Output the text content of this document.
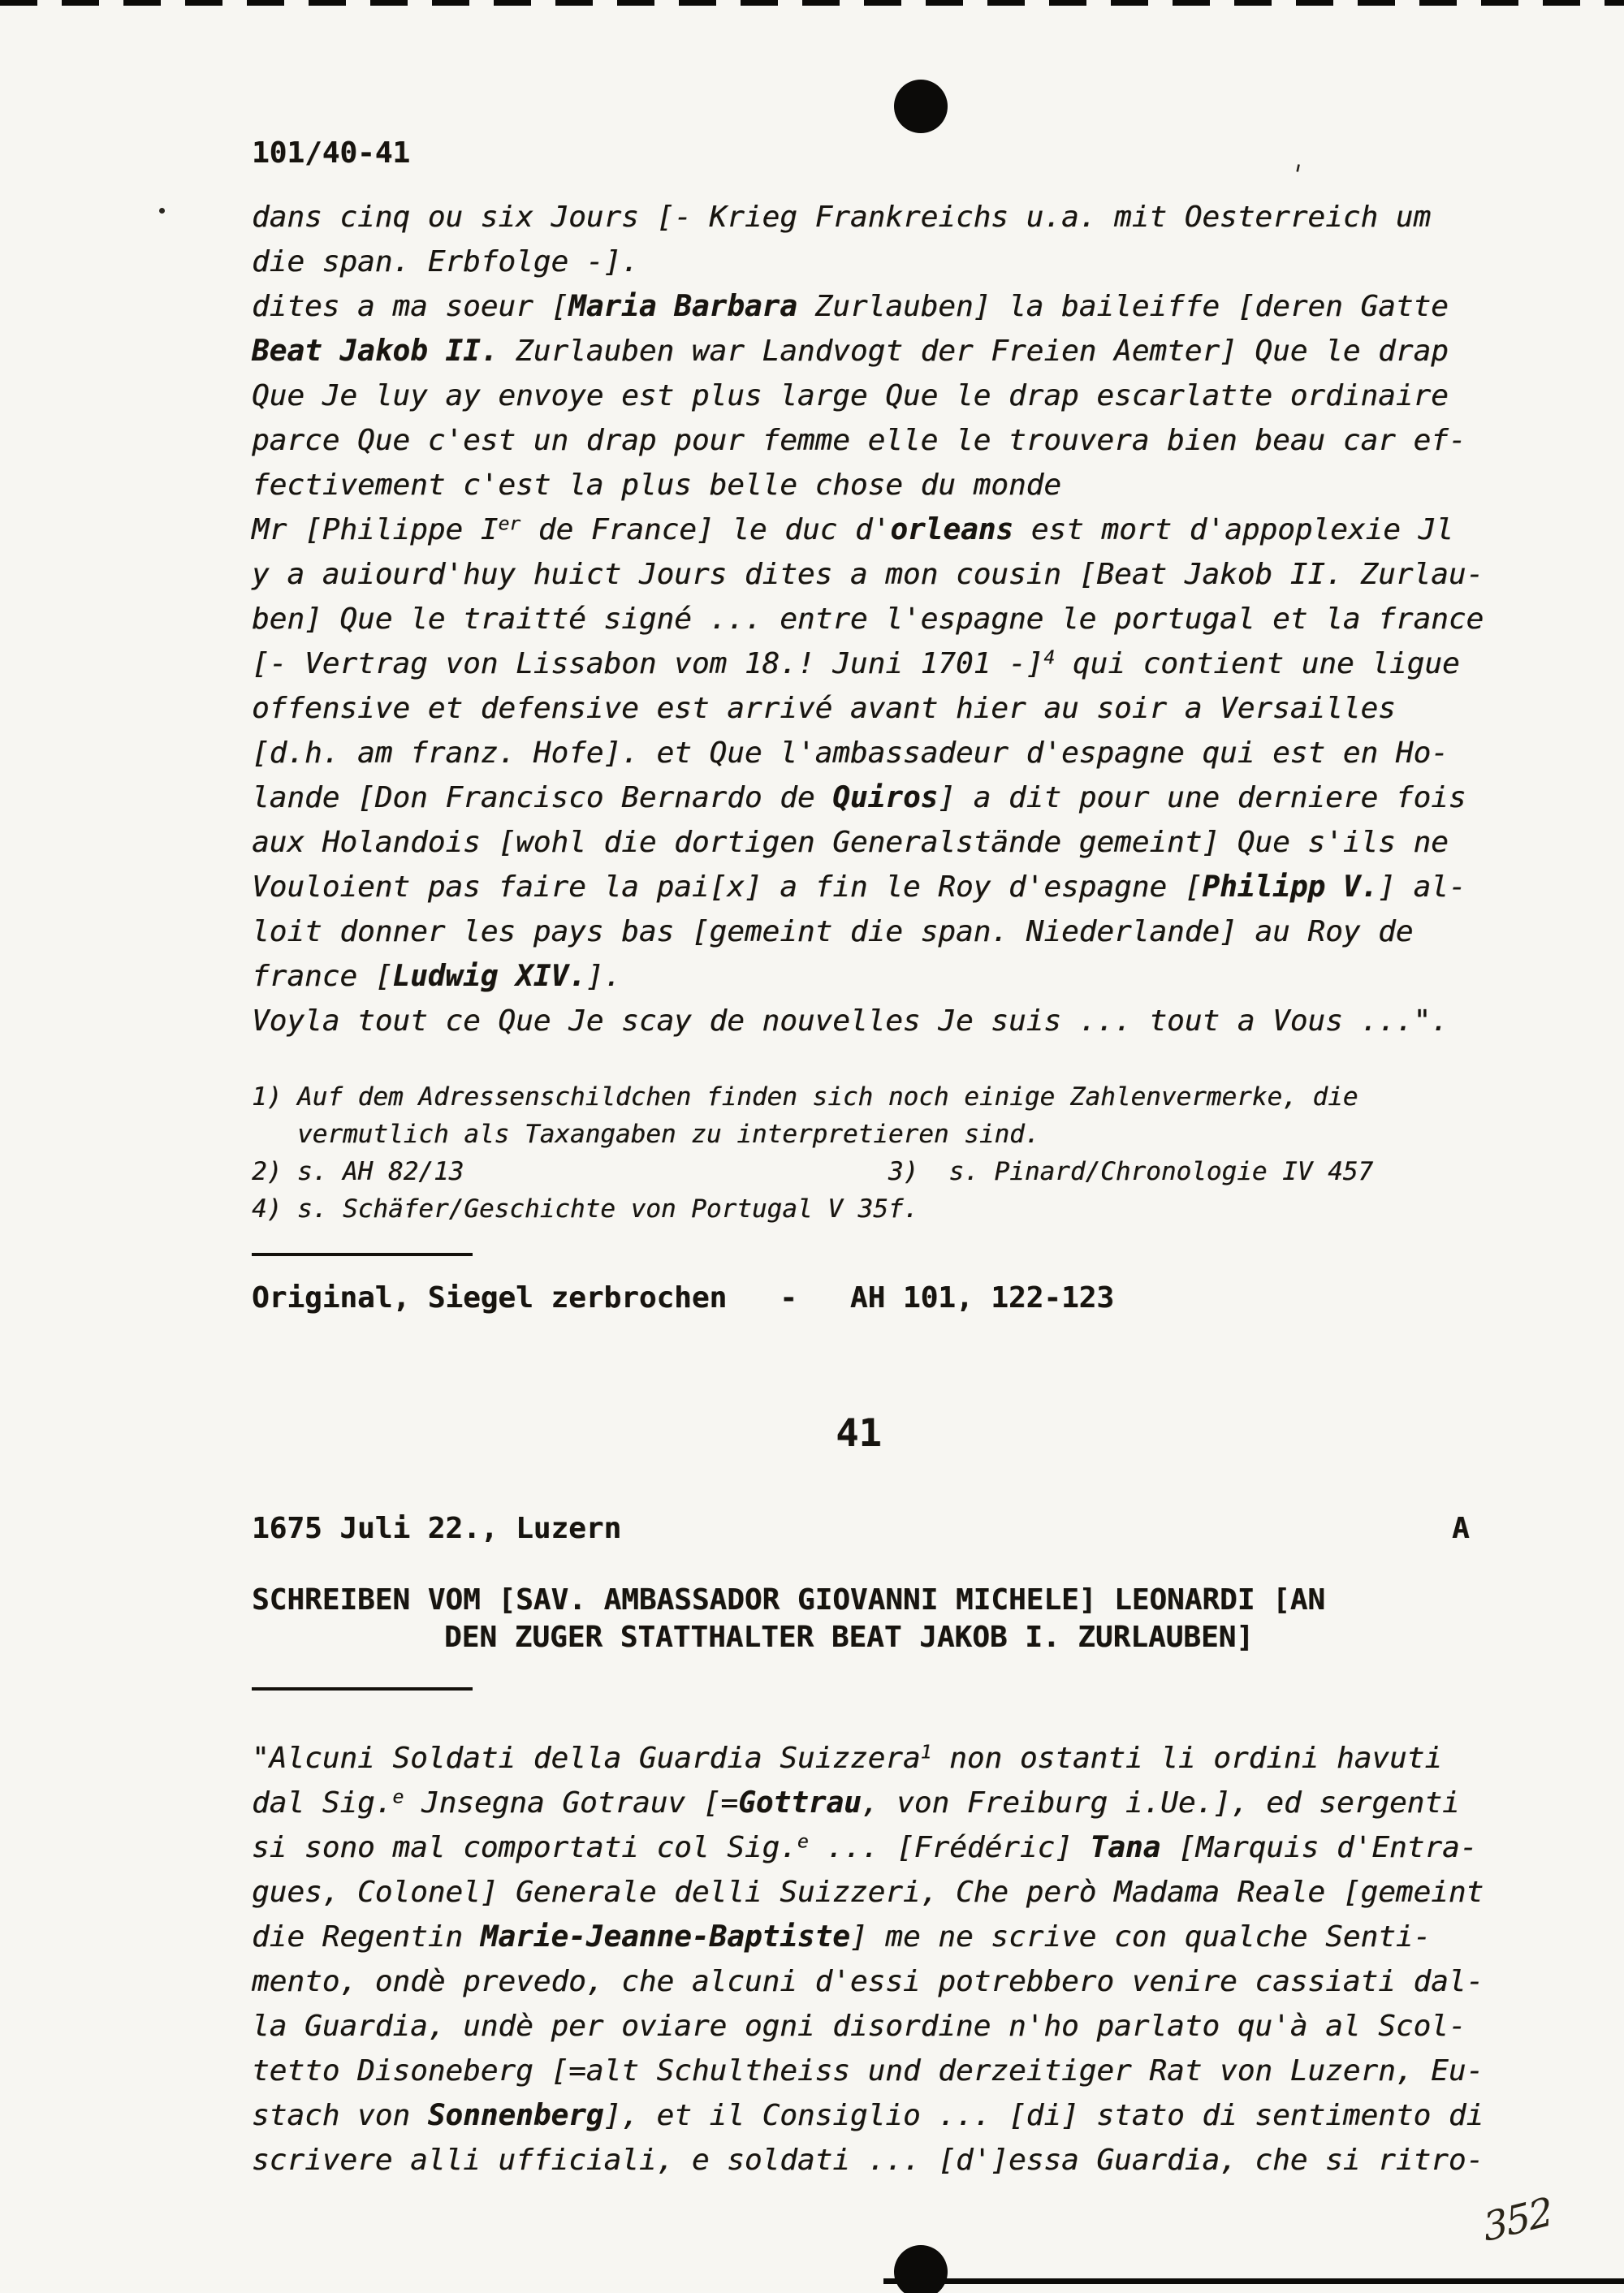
101/40-41
'
dans cinq ou six Jours [- Krieg Frankreichs u.a. mit Oesterreich um
die span. Erbfolge -].
dites a ma soeur [Maria Barbara Zurlauben] la baileiffe [deren Gatte
Beat Jakob II. Zurlauben war Landvogt der Freien Aemter] Que le drap
Que Je luy ay envoye est plus large Que le drap escarlatte ordinaire
parce Que c'est un drap pour femme elle le trouvera bien beau car ef-
fectivement c'est la plus belle chose du monde
Mr [Philippe Ier de France] le duc d'orleans est mort d'appoplexie Jl
y a auiourd'huy huict Jours dites a mon cousin [Beat Jakob II. Zurlau-
ben] Que le traitté signé ... entre l'espagne le portugal et la france
[- Vertrag von Lissabon vom 18.! Juni 1701 -]$^4$ qui contient une ligue
offensive et defensive est arrivé avant hier au soir a Versailles
[d.h. am franz. Hofe]. et Que l'ambassadeur d'espagne qui est en Ho-
lande [Don Francisco Bernardo de Quiros] a dit pour une derniere fois
aux Holandois [wohl die dortigen Generalstände gemeint] Que s'ils ne
Vouloient pas faire la pai[x] a fin le Roy d'espagne [Philipp V.] al-
loit donner les pays bas [gemeint die span. Niederlande] au Roy de
france [Ludwig XIV.].
Voyla tout ce Que Je scay de nouvelles Je suis ... tout a Vous ...".
1) Auf dem Adressenschildchen finden sich noch einige Zahlenvermerke, die
vermutlich als Taxangaben zu interpretieren sind.
2) s. AH 82/13                            3)  s. Pinard/Chronologie IV 457
4) s. Schäfer/Geschichte von Portugal V 35f.
Original, Siegel zerbrochen   -   AH 101, 122-123
41
1675 Juli 22., Luzern	A
SCHREIBEN VOM [SAV. AMBASSADOR GIOVANNI MICHELE] LEONARDI [AN
DEN ZUGER STATTHALTER BEAT JAKOB I. ZURLAUBEN]
"Alcuni Soldati della Guardia Suizzera$^1$ non ostanti li ordini havuti
dal Sig.$^e$ Jnsegna Gotrauv [=Gottrau, von Freiburg i.Ue.], ed sergenti
si sono mal comportati col Sig.$^e$ ... [Frédéric] Tana [Marquis d'Entra-
gues, Colonel] Generale delli Suizzeri, Che però Madama Reale [gemeint
die Regentin Marie-Jeanne-Baptiste] me ne scrive con qualche Senti-
mento, ondè prevedo, che alcuni d'essi potrebbero venire cassiati dal-
la Guardia, undè per oviare ogni disordine n'ho parlato qu'à al Scol-
tetto Disoneberg [=alt Schultheiss und derzeitiger Rat von Luzern, Eu-
stach von Sonnenberg], et il Consiglio ... [di] stato di sentimento di
scrivere alli ufficiali, e soldati ... [d']essa Guardia, che si ritro-
352
